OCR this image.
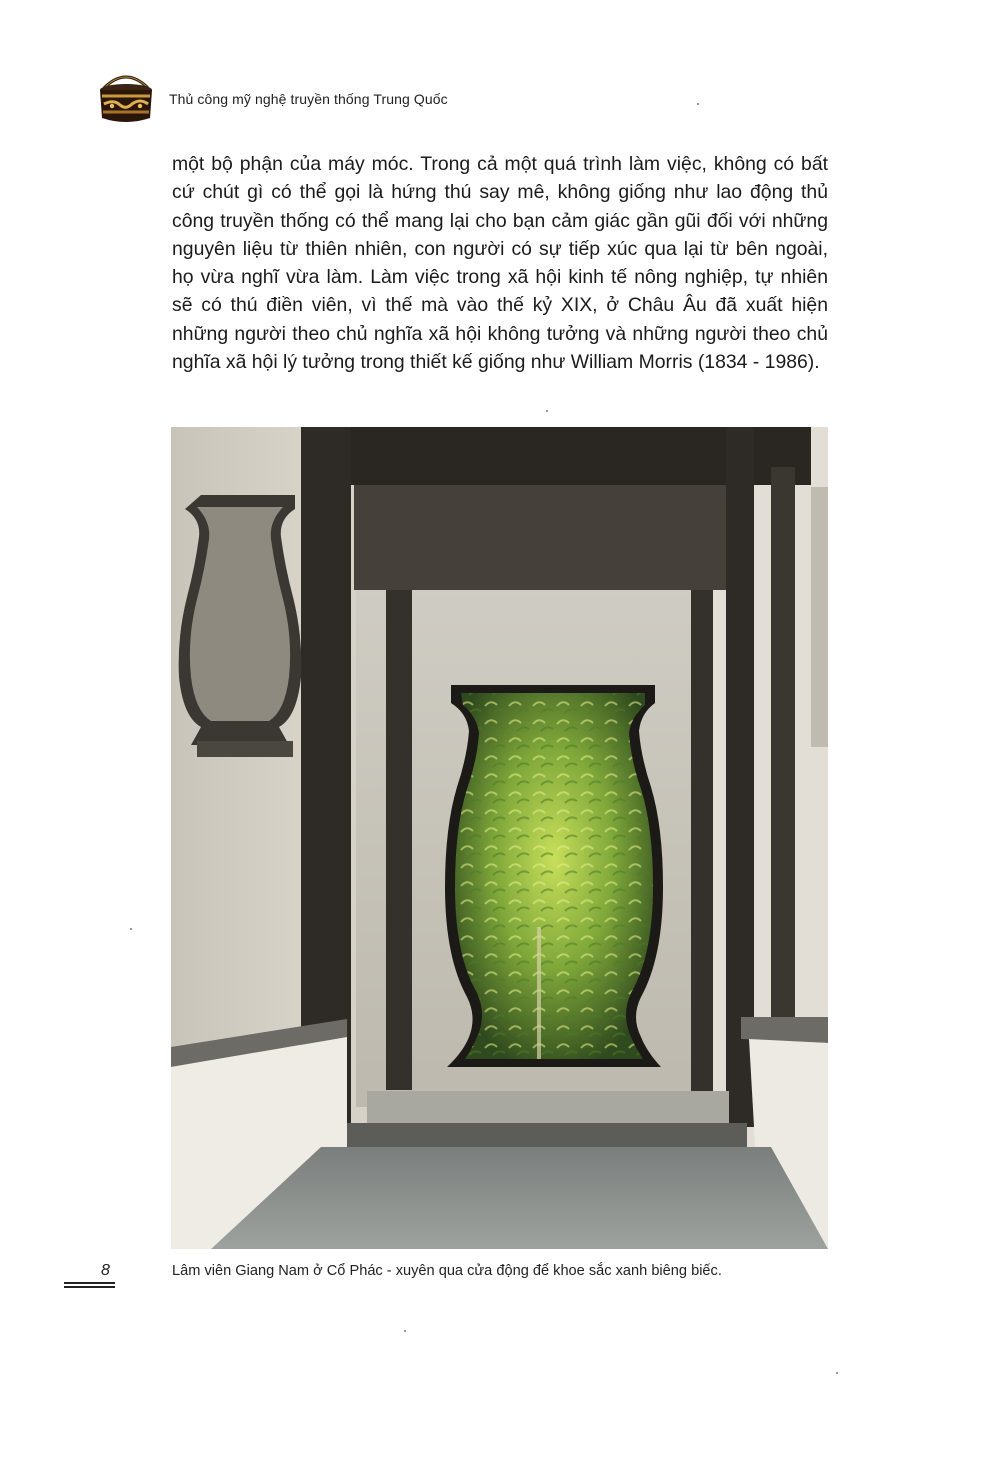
Thủ công mỹ nghệ truyền thống Trung Quốc

một bộ phận của máy móc. Trong cả một quá trình làm việc, không có bất cứ chút gì có thể gọi là hứng thú say mê, không giống như lao động thủ công truyền thống có thể mang lại cho bạn cảm giác gần gũi đối với những nguyên liệu từ thiên nhiên, con người có sự tiếp xúc qua lại từ bên ngoài, họ vừa nghĩ vừa làm. Làm việc trong xã hội kinh tế nông nghiệp, tự nhiên sẽ có thú điền viên, vì thế mà vào thế kỷ XIX, ở Châu Âu đã xuất hiện những người theo chủ nghĩa xã hội không tưởng và những người theo chủ nghĩa xã hội lý tưởng trong thiết kế giống như William Morris (1834 - 1986).

8	Lâm viên Giang Nam ở Cổ Phác - xuyên qua cửa động để khoe sắc xanh biêng biếc.
